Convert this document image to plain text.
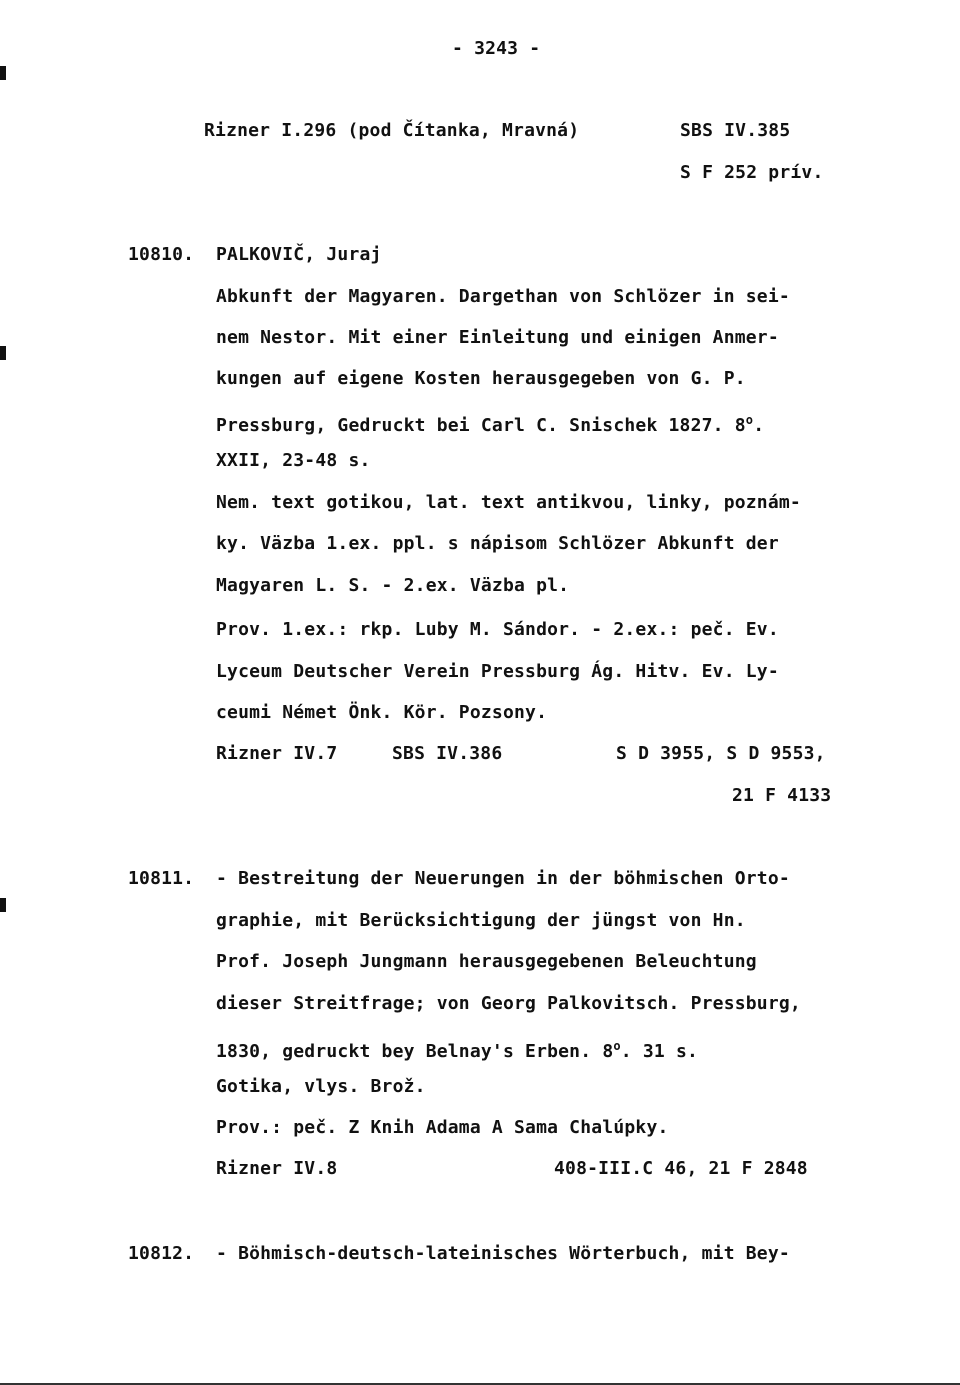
- 3243 -
Rizner I.296 (pod Čítanka, Mravná)	SBS IV.385
S F 252 prív.
10810. PALKOVIČ, Juraj
Abkunft der Magyaren. Dargethan von Schlözer in sei-
nem Nestor. Mit einer Einleitung und einigen Anmer-
kungen auf eigene Kosten herausgegeben von G. P.
Pressburg, Gedruckt bei Carl C. Snischek 1827. 8$^o$.
XXII, 23-48 s.
Nem. text gotikou, lat. text antikvou, linky, poznám-
ky. Väzba 1.ex. ppl. s nápisom Schlözer Abkunft der
Magyaren L. S. - 2.ex. Väzba pl.
Prov. 1.ex.: rkp. Luby M. Sándor. - 2.ex.: peč. Ev.
Lyceum Deutscher Verein Pressburg Ág. Hitv. Ev. Ly-
ceumi Német Önk. Kör. Pozsony.
Rizner IV.7	SBS IV.386	S D 3955, S D 9553,
21 F 4133
10811. - Bestreitung der Neuerungen in der böhmischen Orto-
graphie, mit Berücksichtigung der jüngst von Hn.
Prof. Joseph Jungmann herausgegebenen Beleuchtung
dieser Streitfrage; von Georg Palkovitsch. Pressburg,
1830, gedruckt bey Belnay's Erben. 8$^o$. 31 s.
Gotika, vlys. Brož.
Prov.: peč. Z Knih Adama A Sama Chalúpky.
Rizner IV.8	408-III.C 46, 21 F 2848
10812. - Böhmisch-deutsch-lateinisches Wörterbuch, mit Bey-
